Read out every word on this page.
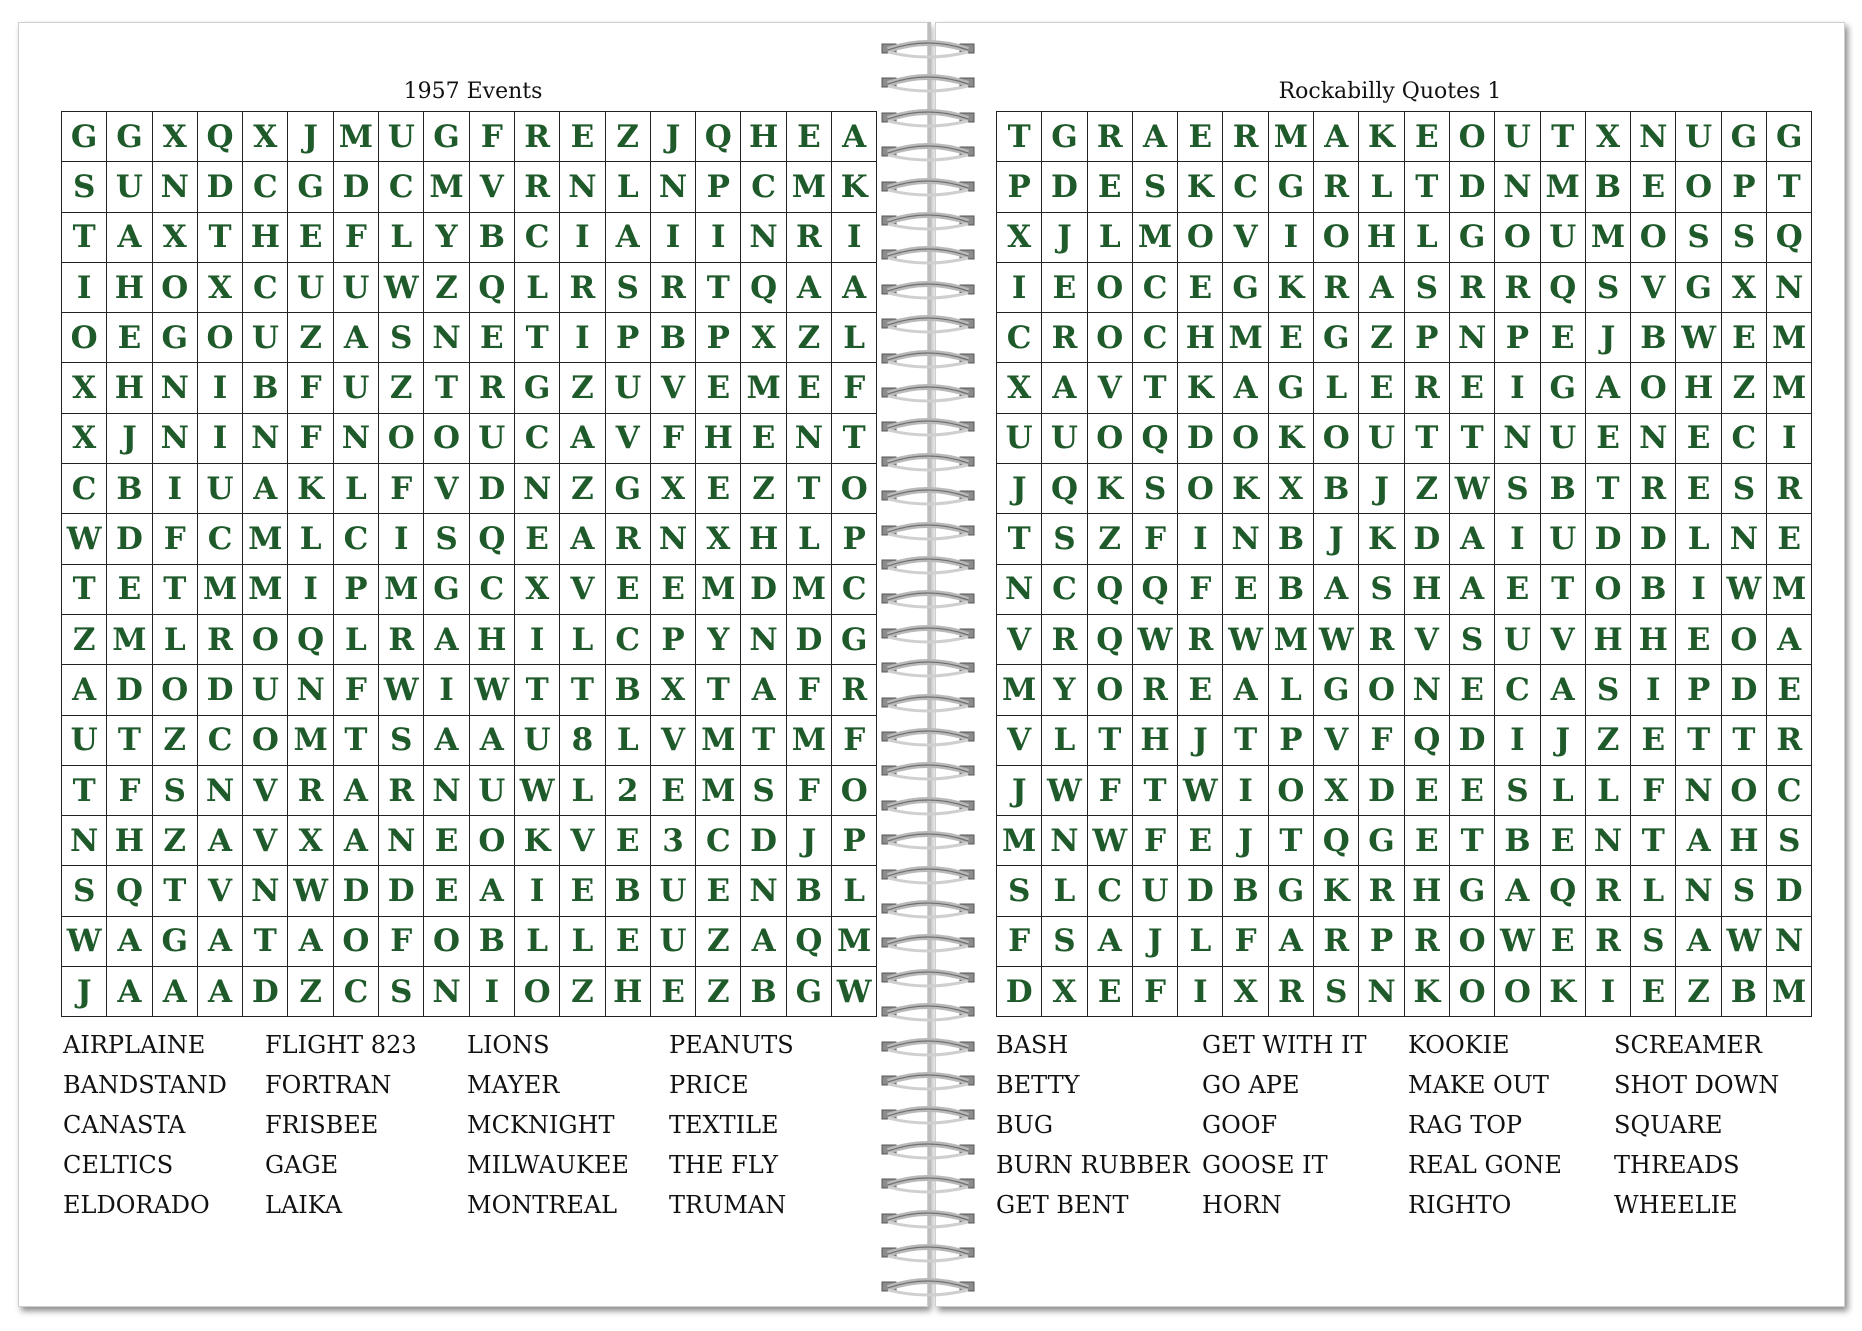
1957 Events
G G X Q X J M U G F R E Z J Q H E A
S U N D C G D C M V R N L N P C M K
T A X T H E F L Y B C I A I I N R I
I H O X C U U W Z Q L R S R T Q A A
O E G O U Z A S N E T I P B P X Z L
X H N I B F U Z T R G Z U V E M E F
X J N I N F N O O U C A V F H E N T
C B I U A K L F V D N Z G X E Z T O
W D F C M L C I S Q E A R N X H L P
T E T M M I P M G C X V E E M D M C
Z M L R O Q L R A H I L C P Y N D G
A D O D U N F W I W T T B X T A F R
U T Z C O M T S A A U 8 L V M T M F
T F S N V R A R N U W L 2 E M S F O
N H Z A V X A N E O K V E 3 C D J P
S Q T V N W D D E A I E B U E N B L
W A G A T A O F O B L L E U Z A Q M
J A A A D Z C S N I O Z H E Z B G W
AIRPLAINE
BANDSTAND
CANASTA
CELTICS
ELDORADO
FLIGHT 823
FORTRAN
FRISBEE
GAGE
LAIKA
LIONS
MAYER
MCKNIGHT
MILWAUKEE
MONTREAL
PEANUTS
PRICE
TEXTILE
THE FLY
TRUMAN
Rockabilly Quotes 1
T G R A E R M A K E O U T X N U G G
P D E S K C G R L T D N M B E O P T
X J L M O V I O H L G O U M O S S Q
I E O C E G K R A S R R Q S V G X N
C R O C H M E G Z P N P E J B W E M
X A V T K A G L E R E I G A O H Z M
U U O Q D O K O U T T N U E N E C I
J Q K S O K X B J Z W S B T R E S R
T S Z F I N B J K D A I U D D L N E
N C Q Q F E B A S H A E T O B I W M
V R Q W R W M W R V S U V H H E O A
M Y O R E A L G O N E C A S I P D E
V L T H J T P V F Q D I J Z E T T R
J W F T W I O X D E E S L L F N O C
M N W F E J T Q G E T B E N T A H S
S L C U D B G K R H G A Q R L N S D
F S A J L F A R P R O W E R S A W N
D X E F I X R S N K O O K I E Z B M
BASH
BETTY
BUG
BURN RUBBER
GET BENT
GET WITH IT
GO APE
GOOF
GOOSE IT
HORN
KOOKIE
MAKE OUT
RAG TOP
REAL GONE
RIGHTO
SCREAMER
SHOT DOWN
SQUARE
THREADS
WHEELIE
